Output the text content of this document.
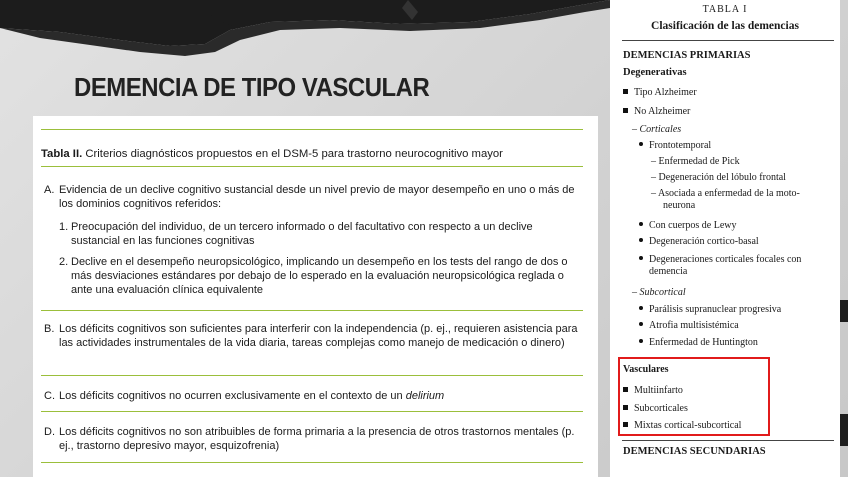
DEMENCIA DE TIPO VASCULAR
Tabla II. Criterios diagnósticos propuestos en el DSM-5 para trastorno neurocognitivo mayor
A. Evidencia de un declive cognitivo sustancial desde un nivel previo de mayor desempeño en uno o más de los dominios cognitivos referidos:
1. Preocupación del individuo, de un tercero informado o del facultativo con respecto a un declive sustancial en las funciones cognitivas
2. Declive en el desempeño neuropsicológico, implicando un desempeño en los tests del rango de dos o más desviaciones estándares por debajo de lo esperado en la evaluación neuropsicológica reglada o ante una evaluación clínica equivalente
B. Los déficits cognitivos son suficientes para interferir con la independencia (p. ej., requieren asistencia para las actividades instrumentales de la vida diaria, tareas complejas como manejo de medicación o dinero)
C. Los déficits cognitivos no ocurren exclusivamente en el contexto de un delirium
D. Los déficits cognitivos no son atribuibles de forma primaria a la presencia de otros trastornos mentales (p. ej., trastorno depresivo mayor, esquizofrenia)
TABLA I
Clasificación de las demencias
DEMENCIAS PRIMARIAS
Degenerativas
Tipo Alzheimer
No Alzheimer
– Corticales
Frontotemporal
– Enfermedad de Pick
– Degeneración del lóbulo frontal
– Asociada a enfermedad de la moto-
neurona
Con cuerpos de Lewy
Degeneración cortico-basal
Degeneraciones corticales focales con
demencia
– Subcortical
Parálisis supranuclear progresiva
Atrofia multisistémica
Enfermedad de Huntington
Vasculares
Multiinfarto
Subcorticales
Mixtas cortical-subcortical
DEMENCIAS SECUNDARIAS
